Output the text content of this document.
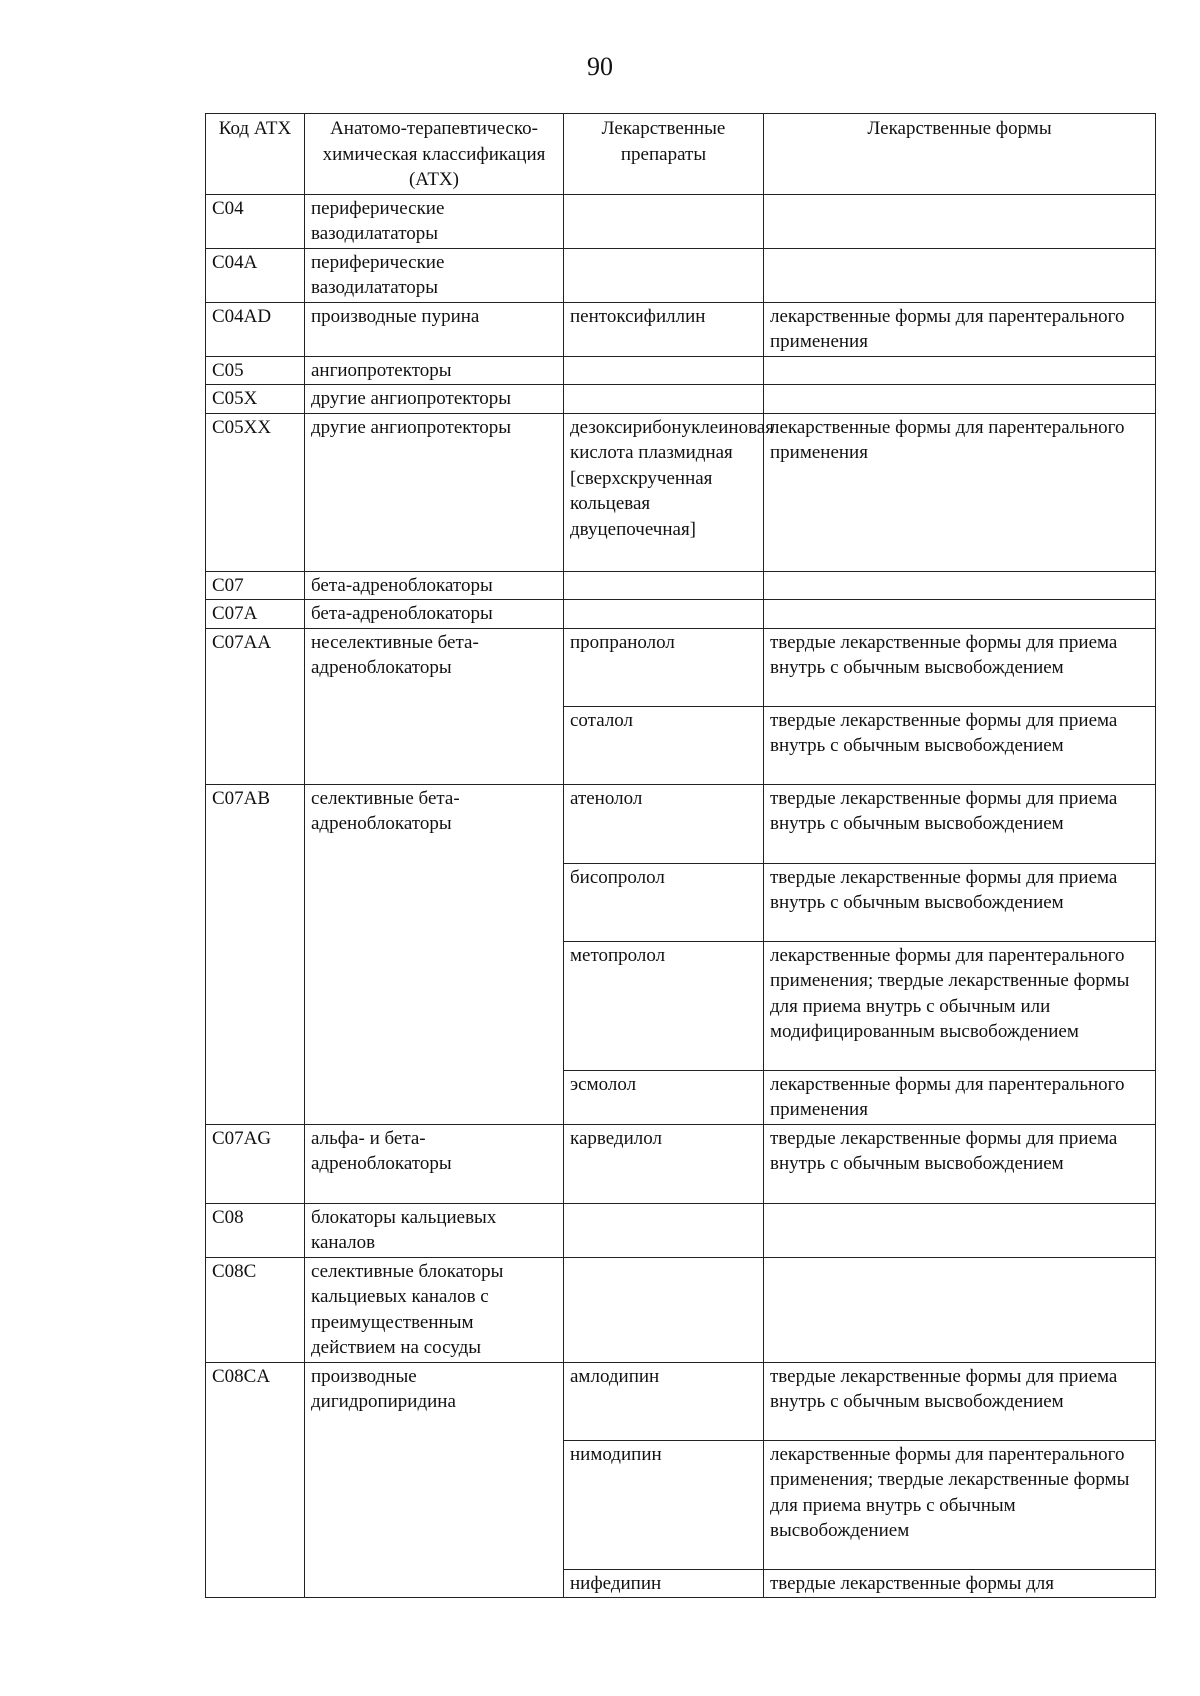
90
Код АТХ	Анатомо-терапевтическо-химическая классификация (АТХ)	Лекарственные препараты	Лекарственные формы
C04	периферические вазодилататоры		
C04A	периферические вазодилататоры		
C04AD	производные пурина	пентоксифиллин	лекарственные формы для парентерального применения
C05	ангиопротекторы		
C05X	другие ангиопротекторы		
C05XX	другие ангиопротекторы	дезоксирибонуклеиновая кислота плазмидная [сверхскрученная кольцевая двуцепочечная]	лекарственные формы для парентерального применения
C07	бета-адреноблокаторы		
C07A	бета-адреноблокаторы		
C07AA	неселективные бета-адреноблокаторы	пропранолол	твердые лекарственные формы для приема внутрь с обычным высвобождением
		соталол	твердые лекарственные формы для приема внутрь с обычным высвобождением
C07AB	селективные бета-адреноблокаторы	атенолол	твердые лекарственные формы для приема внутрь с обычным высвобождением
		бисопролол	твердые лекарственные формы для приема внутрь с обычным высвобождением
		метопролол	лекарственные формы для парентерального применения; твердые лекарственные формы для приема внутрь с обычным или модифицированным высвобождением
		эсмолол	лекарственные формы для парентерального применения
C07AG	альфа- и бета-адреноблокаторы	карведилол	твердые лекарственные формы для приема внутрь с обычным высвобождением
C08	блокаторы кальциевых каналов		
C08C	селективные блокаторы кальциевых каналов с преимущественным действием на сосуды		
C08CA	производные дигидропиридина	амлодипин	твердые лекарственные формы для приема внутрь с обычным высвобождением
		нимодипин	лекарственные формы для парентерального применения; твердые лекарственные формы для приема внутрь с обычным высвобождением
		нифедипин	твердые лекарственные формы для
